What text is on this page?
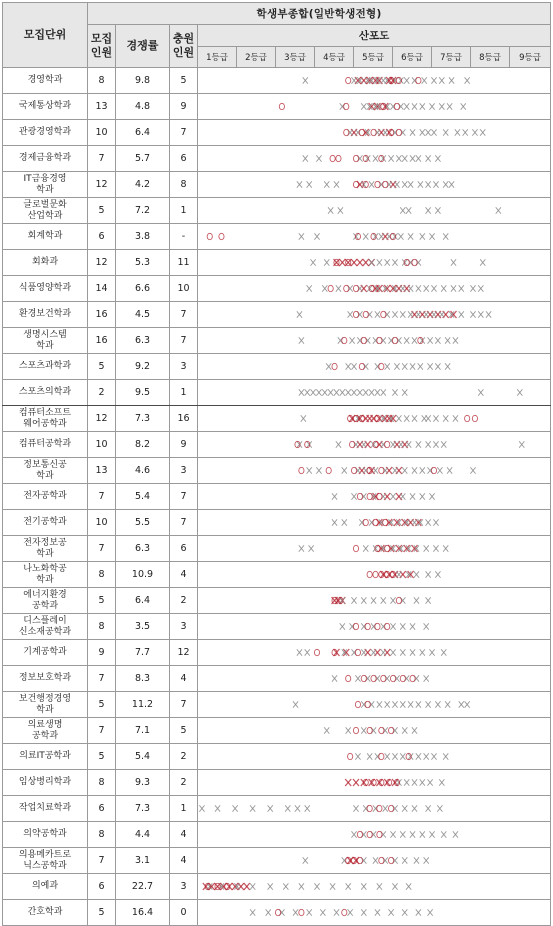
모집단위	학생부종합(일반학생전형)											
	모집
인원	경쟁률	충원
인원	산포도								
				1등급	2등급	3등급	4등급	5등급	6등급	7등급	8등급	9등급
경영학과	8	9.8	5	

국제통상학과	13	4.8	9	

관광경영학과	10	6.4	7	

경제금융학과	7	5.7	6	

IT금융경영
학과	12	4.2	8	

글로벌문화
산업학과	5	7.2	1	

회계학과	6	3.8	-	

회화과	12	5.3	11	

식품영양학과	14	6.6	10	

환경보건학과	16	4.5	7	

생명시스템
학과	16	6.3	7	

스포츠과학과	5	9.2	3	

스포츠의학과	2	9.5	1	

컴퓨터소프트
웨어공학과	12	7.3	16	

컴퓨터공학과	10	8.2	9	

정보통신공
학과	13	4.6	3	

전자공학과	7	5.4	7	

전기공학과	10	5.5	7	

전자정보공
학과	7	6.3	6	

나노화학공
학과	8	10.9	4	

에너지환경
공학과	5	6.4	2	

디스플레이
신소재공학과	8	3.5	3	

기계공학과	9	7.7	12	

정보보호학과	7	8.3	4	

보건행정경영
학과	5	11.2	7	

의료생명
공학과	7	7.1	5	

의료IT공학과	5	5.4	2	

임상병리학과	8	9.3	2	

작업치료학과	6	7.3	1	

의약공학과	8	4.4	4	

의용메카트로
닉스공학과	7	3.1	4	

의예과	6	22.7	3	

간호학과	5	16.4	0	
